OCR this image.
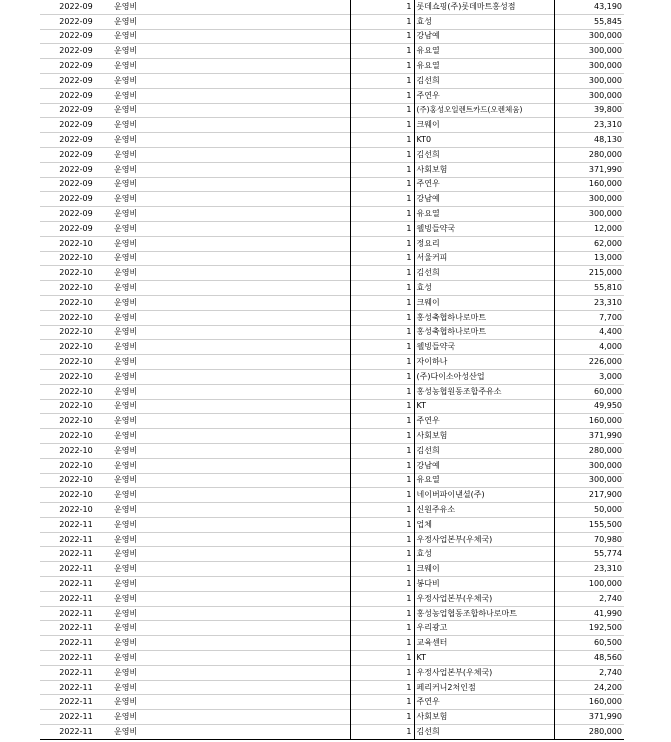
2022-09	운영비	1	롯데쇼핑(주)롯데마트홍성점	43,190
2022-09	운영비	1	효성	55,845
2022-09	운영비	1	강남예	300,000
2022-09	운영비	1	유요열	300,000
2022-09	운영비	1	유요열	300,000
2022-09	운영비	1	김선희	300,000
2022-09	운영비	1	주연우	300,000
2022-09	운영비	1	(주)홍성오일렌트카드(오렌체움)	39,800
2022-09	운영비	1	크웨이	23,310
2022-09	운영비	1	KT0	48,130
2022-09	운영비	1	김선희	280,000
2022-09	운영비	1	사회보험	371,990
2022-09	운영비	1	주연우	160,000
2022-09	운영비	1	강남예	300,000
2022-09	운영비	1	유요열	300,000
2022-09	운영비	1	웰빙들약국	12,000
2022-10	운영비	1	정요리	62,000
2022-10	운영비	1	서울커피	13,000
2022-10	운영비	1	김선희	215,000
2022-10	운영비	1	효성	55,810
2022-10	운영비	1	크웨이	23,310
2022-10	운영비	1	홍성축협하나로마트	7,700
2022-10	운영비	1	홍성축협하나로마트	4,400
2022-10	운영비	1	웰빙들약국	4,000
2022-10	운영비	1	자이하나	226,000
2022-10	운영비	1	(주)다이소아성산업	3,000
2022-10	운영비	1	홍성농협원동조합주유소	60,000
2022-10	운영비	1	KT	49,950
2022-10	운영비	1	주연우	160,000
2022-10	운영비	1	사회보험	371,990
2022-10	운영비	1	김선희	280,000
2022-10	운영비	1	강남예	300,000
2022-10	운영비	1	유요열	300,000
2022-10	운영비	1	네이버파이낸셜(주)	217,900
2022-10	운영비	1	신원주유소	50,000
2022-11	운영비	1	업체	155,500
2022-11	운영비	1	우정사업본부(우체국)	70,980
2022-11	운영비	1	효성	55,774
2022-11	운영비	1	크웨이	23,310
2022-11	운영비	1	봉다비	100,000
2022-11	운영비	1	우정사업본부(우체국)	2,740
2022-11	운영비	1	홍성농업협동조합하나로마트	41,990
2022-11	운영비	1	우리광고	192,500
2022-11	운영비	1	교육센터	60,500
2022-11	운영비	1	KT	48,560
2022-11	운영비	1	우정사업본부(우체국)	2,740
2022-11	운영비	1	페리커니2처인점	24,200
2022-11	운영비	1	주연우	160,000
2022-11	운영비	1	사회보험	371,990
2022-11	운영비	1	김선희	280,000
